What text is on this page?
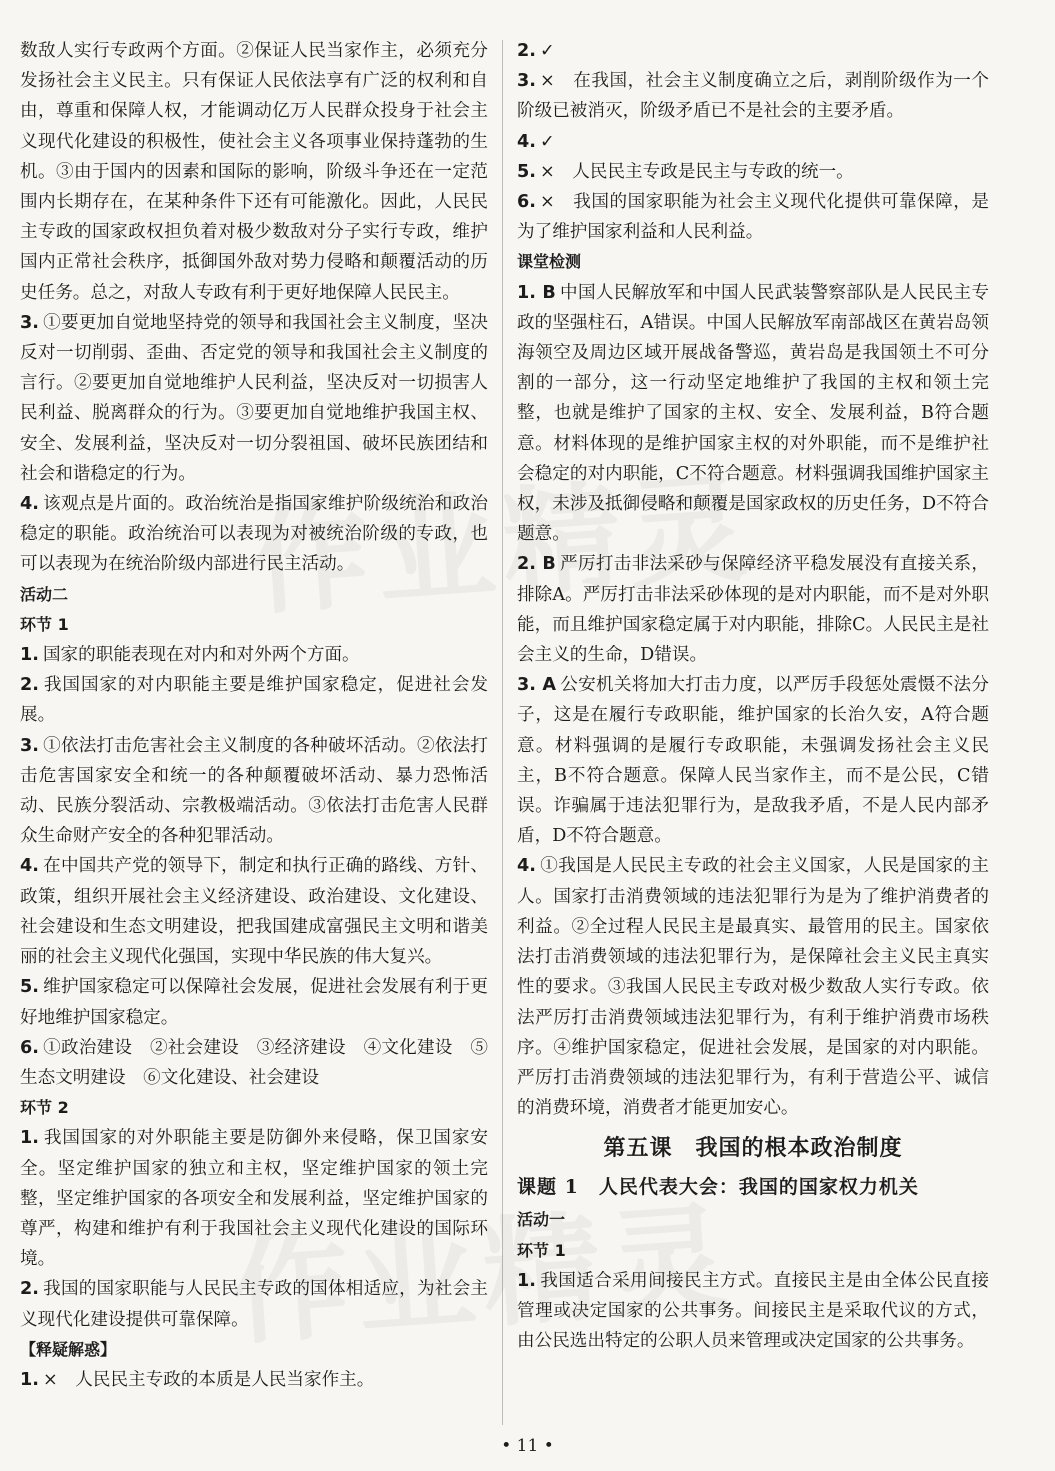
数敌人实行专政两个方面。②保证人民当家作主，必须充分发扬社会主义民主。只有保证人民依法享有广泛的权利和自由，尊重和保障人权，才能调动亿万人民群众投身于社会主义现代化建设的积极性，使社会主义各项事业保持蓬勃的生机。③由于国内的因素和国际的影响，阶级斗争还在一定范围内长期存在，在某种条件下还有可能激化。因此，人民民主专政的国家政权担负着对极少数敌对分子实行专政，维护国内正常社会秩序，抵御国外敌对势力侵略和颠覆活动的历史任务。总之，对敌人专政有利于更好地保障人民民主。

3. ①要更加自觉地坚持党的领导和我国社会主义制度，坚决反对一切削弱、歪曲、否定党的领导和我国社会主义制度的言行。②要更加自觉地维护人民利益，坚决反对一切损害人民利益、脱离群众的行为。③要更加自觉地维护我国主权、安全、发展利益，坚决反对一切分裂祖国、破坏民族团结和社会和谐稳定的行为。

4. 该观点是片面的。政治统治是指国家维护阶级统治和政治稳定的职能。政治统治可以表现为对被统治阶级的专政，也可以表现为在统治阶级内部进行民主活动。

活动二

环节 1

1. 国家的职能表现在对内和对外两个方面。

2. 我国国家的对内职能主要是维护国家稳定，促进社会发展。

3. ①依法打击危害社会主义制度的各种破坏活动。②依法打击危害国家安全和统一的各种颠覆破坏活动、暴力恐怖活动、民族分裂活动、宗教极端活动。③依法打击危害人民群众生命财产安全的各种犯罪活动。

4. 在中国共产党的领导下，制定和执行正确的路线、方针、政策，组织开展社会主义经济建设、政治建设、文化建设、社会建设和生态文明建设，把我国建成富强民主文明和谐美丽的社会主义现代化强国，实现中华民族的伟大复兴。

5. 维护国家稳定可以保障社会发展，促进社会发展有利于更好地维护国家稳定。

6. ①政治建设　②社会建设　③经济建设　④文化建设　⑤生态文明建设　⑥文化建设、社会建设

环节 2

1. 我国国家的对外职能主要是防御外来侵略，保卫国家安全。坚定维护国家的独立和主权，坚定维护国家的领土完整，坚定维护国家的各项安全和发展利益，坚定维护国家的尊严，构建和维护有利于我国社会主义现代化建设的国际环境。

2. 我国的国家职能与人民民主专政的国体相适应，为社会主义现代化建设提供可靠保障。

【释疑解惑】

1. ×　人民民主专政的本质是人民当家作主。

2. ✓

3. ×　在我国，社会主义制度确立之后，剥削阶级作为一个阶级已被消灭，阶级矛盾已不是社会的主要矛盾。

4. ✓

5. ×　人民民主专政是民主与专政的统一。

6. ×　我国的国家职能为社会主义现代化提供可靠保障，是为了维护国家利益和人民利益。

课堂检测

1. B 中国人民解放军和中国人民武装警察部队是人民民主专政的坚强柱石，A错误。中国人民解放军南部战区在黄岩岛领海领空及周边区域开展战备警巡，黄岩岛是我国领土不可分割的一部分，这一行动坚定地维护了我国的主权和领土完整，也就是维护了国家的主权、安全、发展利益，B符合题意。材料体现的是维护国家主权的对外职能，而不是维护社会稳定的对内职能，C不符合题意。材料强调我国维护国家主权，未涉及抵御侵略和颠覆是国家政权的历史任务，D不符合题意。

2. B 严厉打击非法采砂与保障经济平稳发展没有直接关系，排除A。严厉打击非法采砂体现的是对内职能，而不是对外职能，而且维护国家稳定属于对内职能，排除C。人民民主是社会主义的生命，D错误。

3. A 公安机关将加大打击力度，以严厉手段惩处震慑不法分子，这是在履行专政职能，维护国家的长治久安，A符合题意。材料强调的是履行专政职能，未强调发扬社会主义民主，B不符合题意。保障人民当家作主，而不是公民，C错误。诈骗属于违法犯罪行为，是敌我矛盾，不是人民内部矛盾，D不符合题意。

4. ①我国是人民民主专政的社会主义国家，人民是国家的主人。国家打击消费领域的违法犯罪行为是为了维护消费者的利益。②全过程人民民主是最真实、最管用的民主。国家依法打击消费领域的违法犯罪行为，是保障社会主义民主真实性的要求。③我国人民民主专政对极少数敌人实行专政。依法严厉打击消费领域违法犯罪行为，有利于维护消费市场秩序。④维护国家稳定，促进社会发展，是国家的对内职能。严厉打击消费领域的违法犯罪行为，有利于营造公平、诚信的消费环境，消费者才能更加安心。

第五课　我国的根本政治制度

课题 1　人民代表大会：我国的国家权力机关

活动一

环节 1

1. 我国适合采用间接民主方式。直接民主是由全体公民直接管理或决定国家的公共事务。间接民主是采取代议的方式，由公民选出特定的公职人员来管理或决定国家的公共事务。

• 11 •
